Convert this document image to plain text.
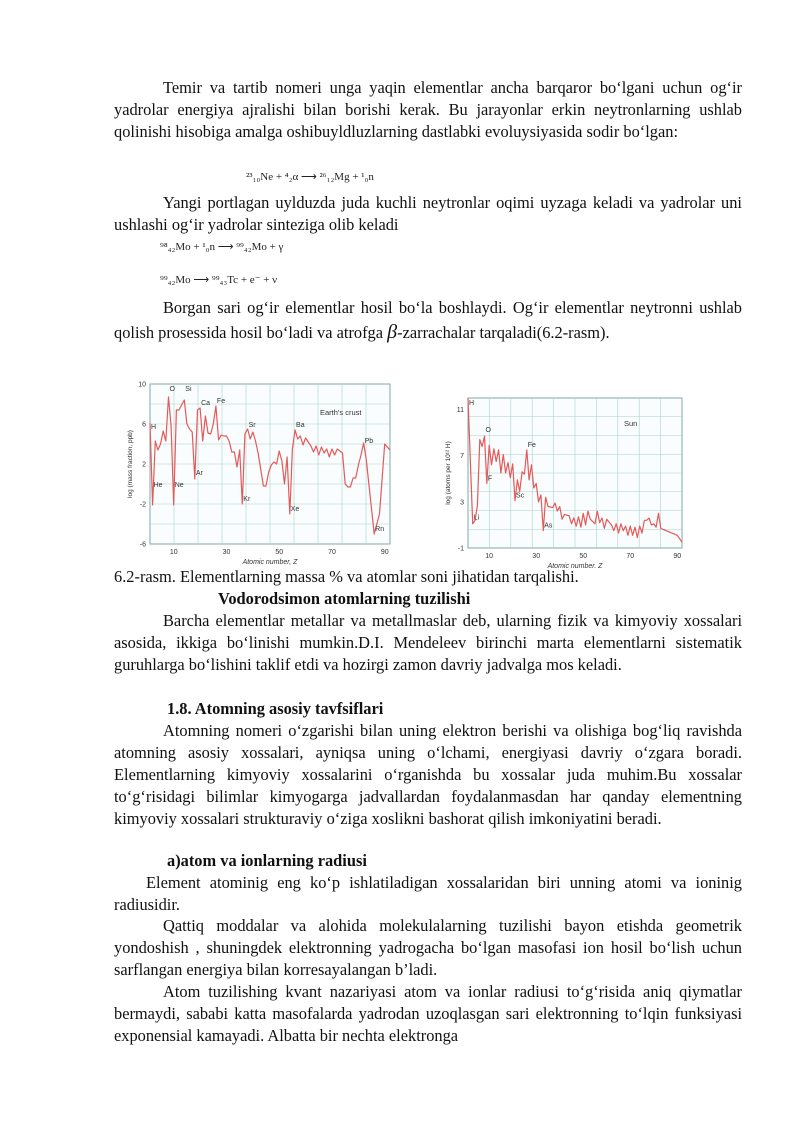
Temir va tartib nomeri unga yaqin elementlar ancha barqaror bo‘lgani uchun og‘ir yadrolar energiya ajralishi bilan borishi kerak. Bu jarayonlar erkin neytronlarning ushlab qolinishi hisobiga amalga oshibuyldluzlarning dastlabki evoluysiyasida sodir bo‘lgan:
²³₁₀Ne + ⁴₂α ⟶ ²⁶₁₂Mg + ¹₀n
Yangi portlagan uylduzda juda kuchli neytronlar oqimi uyzaga keladi va yadrolar uni ushlashi og‘ir yadrolar sinteziga olib keladi
⁹⁸₄₂Mo + ¹₀n ⟶ ⁹⁹₄₂Mo + γ
⁹⁹₄₂Mo ⟶ ⁹⁹₄₃Tc + e⁻ + ν
Borgan sari og‘ir elementlar hosil bo‘la boshlaydi. Og‘ir elementlar neytronni ushlab qolish prosessida hosil bo‘ladi va atrofga β-zarrachalar tarqaladi(6.2-rasm).
10	30	50	70	90
10
6
2
-2
-6
Atomic number, Z
log (mass fraction, ppb)
Earth's crust
H
O Si
Ca Fe
He Ne
Ar
Sr
Kr
Ba
Xe
Pb
Rn
10	30	50	70	90
11
7
3
-1
Atomic number, Z
log (atoms per 10¹² H)
Sun
H
O
Fe
F
Li
Sc
As
6.2-rasm. Elementlarning massa % va atomlar soni jihatidan tarqalishi.
Vodorodsimon atomlarning tuzilishi
Barcha elementlar metallar va metallmaslar deb, ularning fizik va kimyoviy xossalari asosida, ikkiga bo‘linishi mumkin.D.I. Mendeleev birinchi marta elementlarni sistematik guruhlarga bo‘lishini taklif etdi va hozirgi zamon davriy jadvalga mos keladi.
1.8. Atomning asosiy tavfsiflari
Atomning nomeri o‘zgarishi bilan uning elektron berishi va olishiga bog‘liq ravishda atomning asosiy xossalari, ayniqsa uning o‘lchami, energiyasi davriy o‘zgara boradi. Elementlarning kimyoviy xossalarini o‘rganishda bu xossalar juda muhim.Bu xossalar to‘g‘risidagi bilimlar kimyogarga jadvallardan foydalanmasdan har qanday elementning kimyoviy xossalari strukturaviy o‘ziga xoslikni bashorat qilish imkoniyatini beradi.
a)atom va ionlarning radiusi
Element atominig eng ko‘p ishlatiladigan xossalaridan biri unning atomi va ioninig radiusidir.
Qattiq moddalar va alohida molekulalarning tuzilishi bayon etishda geometrik yondoshish , shuningdek elektronning yadrogacha bo‘lgan masofasi ion hosil bo‘lish uchun sarflangan energiya bilan korresayalangan b’ladi.
Atom tuzilishing kvant nazariyasi atom va ionlar radiusi to‘g‘risida aniq qiymatlar bermaydi, sababi katta masofalarda yadrodan uzoqlasgan sari elektronning to‘lqin funksiyasi exponensial kamayadi. Albatta bir nechta elektronga
